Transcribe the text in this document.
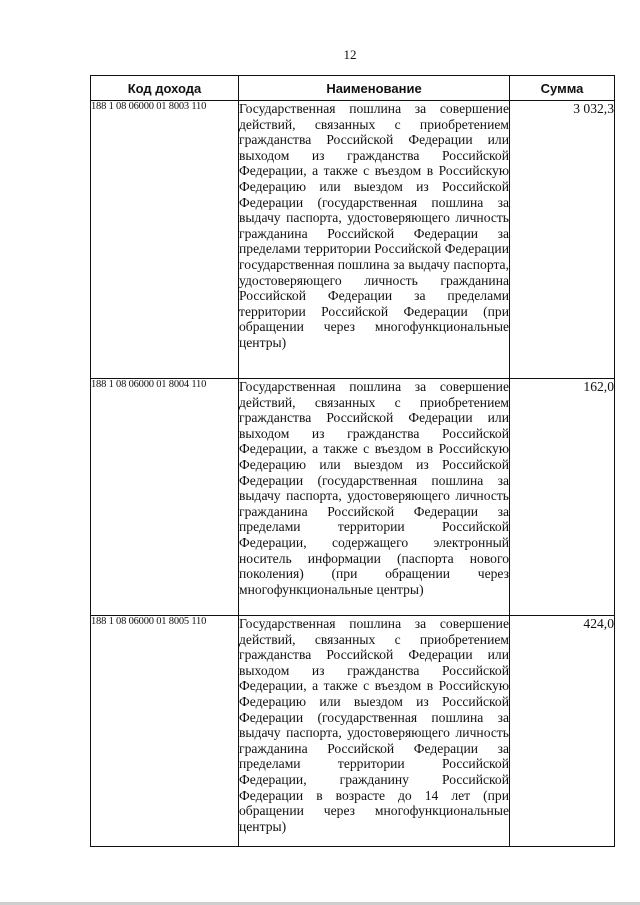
12
Код дохода	Наименование	Сумма
188 1 08 06000 01 8003 110	Государственная пошлина за совершение действий, связанных с приобретением гражданства Российской Федерации или выходом из гражданства Российской Федерации, а также с въездом в Российскую Федерацию или выездом из Российской Федерации (государственная пошлина за выдачу паспорта, удостоверяющего личность гражданина Российской Федерации за пределами территории Российской Федерации государственная пошлина за выдачу паспорта, удостоверяющего личность гражданина Российской Федерации за пределами территории Российской Федерации (при обращении через многофункциональные центры)	3 032,3
188 1 08 06000 01 8004 110	Государственная пошлина за совершение действий, связанных с приобретением гражданства Российской Федерации или выходом из гражданства Российской Федерации, а также с въездом в Российскую Федерацию или выездом из Российской Федерации (государственная пошлина за выдачу паспорта, удостоверяющего личность гражданина Российской Федерации за пределами территории Российской Федерации, содержащего электронный носитель информации (паспорта нового поколения) (при обращении через многофункциональные центры)	162,0
188 1 08 06000 01 8005 110	Государственная пошлина за совершение действий, связанных с приобретением гражданства Российской Федерации или выходом из гражданства Российской Федерации, а также с въездом в Российскую Федерацию или выездом из Российской Федерации (государственная пошлина за выдачу паспорта, удостоверяющего личность гражданина Российской Федерации за пределами территории Российской Федерации, гражданину Российской Федерации в возрасте до 14 лет (при обращении через многофункциональные центры)	424,0
